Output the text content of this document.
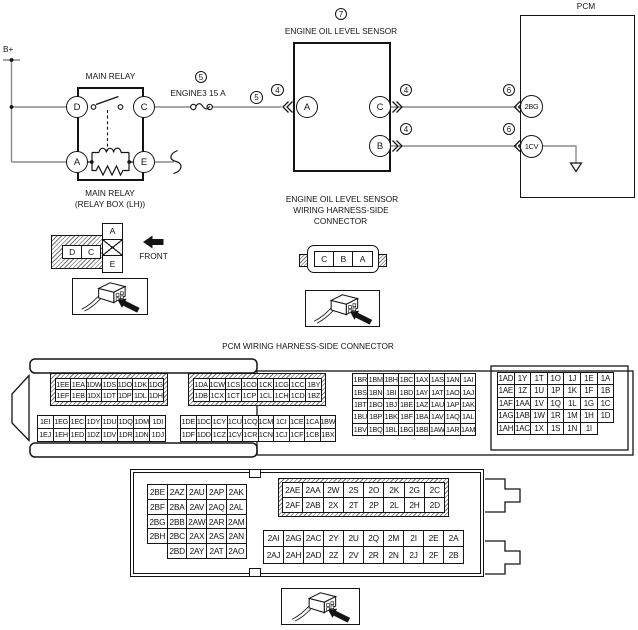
D	C
A	E
A	C
B
2BG
1CV
7
5
5
4	4
4
6
6
B+
MAIN RELAY
ENGINE3 15 A
ENGINE OIL LEVEL SENSOR
PCM
MAIN RELAY
(RELAY BOX (LH))
FRONT
ENGINE OIL LEVEL SENSOR
WIRING HARNESS-SIDE
CONNECTOR
PCM WIRING HARNESS-SIDE CONNECTOR
D	C
A
E	C	B	A
1EE 1EA 1DW 1DS 1DO 1DK 1DG
1EF 1EB 1DX 1DT 1DP 1DL 1DH
1DA 1CW 1CS 1CO 1CK 1CG 1CC 1BY
1DB 1CX 1CT 1CP 1CL 1CH 1CD 1BZ
1EI 1EG 1EC 1DY 1DU 1DQ 1DM 1DI
1EJ 1EH 1ED 1DZ 1DV 1DR 1DN 1DJ
1DE 1DC 1CY 1CU 1CQ 1CM 1CI 1CE 1CA 1BW
1DF 1DD 1CZ 1CV 1CR 1CN 1CJ 1CF 1CB 1BX
1BR 1BM 1BH 1BC 1AX 1AS 1AN 1AI
1BS 1BN 1BI 1BD 1AY 1AT 1AO 1AJ
1BT 1BO 1BJ 1BE 1AZ 1AU 1AP 1AK
1BU 1BP 1BK 1BF 1BA 1AV 1AQ 1AL
1BV 1BQ 1BL 1BG 1BB 1AW 1AR 1AM
1AD 1Y 1T 1O 1J	1E 1A
1AE 1Z 1U 1P 1K 1F 1B
1AF 1AA 1V 1Q 1L 1G 1C
1AG 1AB 1W 1R 1M 1H 1D
1AH 1AC 1X 1S 1N	1I
2BE 2AZ 2AU 2AP 2AK
2BF 2BA 2AV 2AQ 2AL
2BG 2BB 2AW 2AR 2AM
2BH 2BC 2AX 2AS 2AN
2BD 2AY 2AT 2AO
2AE 2AA 2W	2S	2O	2K	2G	2C
2AF 2AB 2X	2T	2P	2L	2H	2D
2AI 2AG 2AC 2Y	2U	2Q	2M	2I	2E	2A
2AJ 2AH 2AD 2Z	2V	2R	2N	2J	2F	2B
